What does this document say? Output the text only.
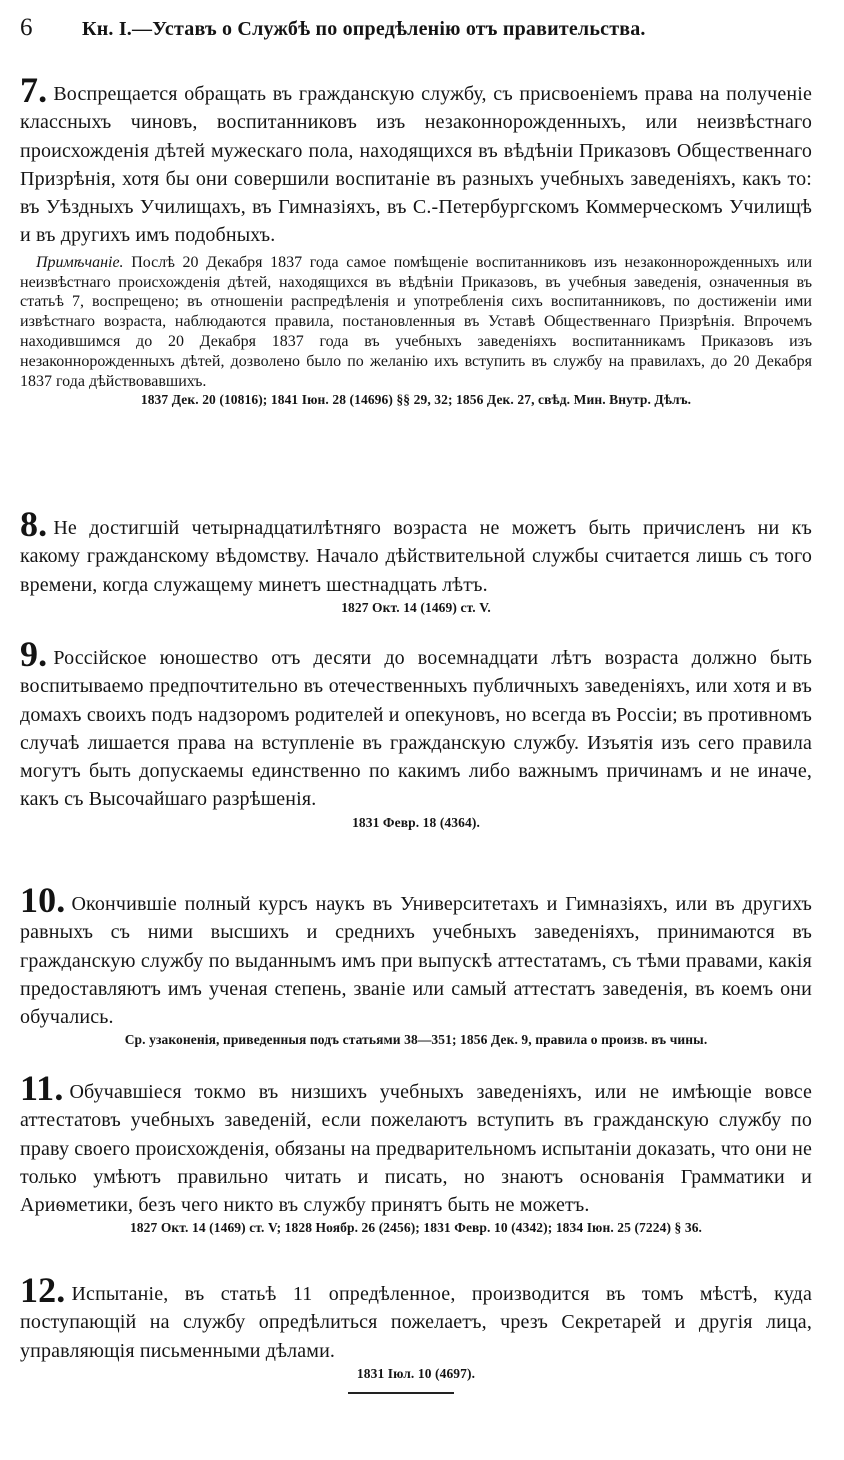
6	Кн. I.—Уставъ о Службѣ по опредѣленію отъ правительства.

7. Воспрещается обращать въ гражданскую службу, съ присвоеніемъ права на полученіе классныхъ чиновъ, воспитанниковъ изъ незаконнорожденныхъ, или неизвѣстнаго происхожденія дѣтей мужескаго пола, находящихся въ вѣдѣніи Приказовъ Общественнаго Призрѣнія, хотя бы они совершили воспитаніе въ разныхъ учебныхъ заведеніяхъ, какъ то: въ Уѣздныхъ Училищахъ, въ Гимназіяхъ, въ С.-Петербургскомъ Коммерческомъ Училищѣ и въ другихъ имъ подобныхъ.

Примѣчаніе. Послѣ 20 Декабря 1837 года самое помѣщеніе воспитанниковъ изъ незаконнорожденныхъ или неизвѣстнаго происхожденія дѣтей, находящихся въ вѣдѣніи Приказовъ, въ учебныя заведенія, означенныя въ статьѣ 7, воспрещено; въ отношеніи распредѣленія и употребленія сихъ воспитанниковъ, по достиженіи ими извѣстнаго возраста, наблюдаются правила, постановленныя въ Уставѣ Общественнаго Призрѣнія. Впрочемъ находившимся до 20 Декабря 1837 года въ учебныхъ заведеніяхъ воспитанникамъ Приказовъ изъ незаконнорожденныхъ дѣтей, дозволено было по желанію ихъ вступить въ службу на правилахъ, до 20 Декабря 1837 года дѣйствовавшихъ.

1837 Дек. 20 (10816); 1841 Іюн. 28 (14696) §§ 29, 32; 1856 Дек. 27, свѣд. Мин. Внутр. Дѣлъ.

8. Не достигшій четырнадцатилѣтняго возраста не можетъ быть причисленъ ни къ какому гражданскому вѣдомству. Начало дѣйствительной службы считается лишь съ того времени, когда служащему минетъ шестнадцать лѣтъ.

1827 Окт. 14 (1469) ст. V.

9. Россійское юношество отъ десяти до восемнадцати лѣтъ возраста должно быть воспитываемо предпочтительно въ отечественныхъ публичныхъ заведеніяхъ, или хотя и въ домахъ своихъ подъ надзоромъ родителей и опекуновъ, но всегда въ Россіи; въ противномъ случаѣ лишается права на вступленіе въ гражданскую службу. Изъятія изъ сего правила могутъ быть допускаемы единственно по какимъ либо важнымъ причинамъ и не иначе, какъ съ Высочайшаго разрѣшенія.

1831 Февр. 18 (4364).

10. Окончившіе полный курсъ наукъ въ Университетахъ и Гимназіяхъ, или въ другихъ равныхъ съ ними высшихъ и среднихъ учебныхъ заведеніяхъ, принимаются въ гражданскую службу по выданнымъ имъ при выпускѣ аттестатамъ, съ тѣми правами, какія предоставляютъ имъ ученая степень, званіе или самый аттестатъ заведенія, въ коемъ они обучались.

Ср. узаконенія, приведенныя подъ статьями 38—351; 1856 Дек. 9, правила о произв. въ чины.

11. Обучавшіеся токмо въ низшихъ учебныхъ заведеніяхъ, или не имѣющіе вовсе аттестатовъ учебныхъ заведеній, если пожелаютъ вступить въ гражданскую службу по праву своего происхожденія, обязаны на предварительномъ испытаніи доказать, что они не только умѣютъ правильно читать и писать, но знаютъ основанія Грамматики и Ариѳметики, безъ чего никто въ службу принятъ быть не можетъ.

1827 Окт. 14 (1469) ст. V; 1828 Ноябр. 26 (2456); 1831 Февр. 10 (4342); 1834 Іюн. 25 (7224) § 36.

12. Испытаніе, въ статьѣ 11 опредѣленное, производится въ томъ мѣстѣ, куда поступающій на службу опредѣлиться пожелаетъ, чрезъ Секретарей и другія лица, управляющія письменными дѣлами.

1831 Іюл. 10 (4697).
